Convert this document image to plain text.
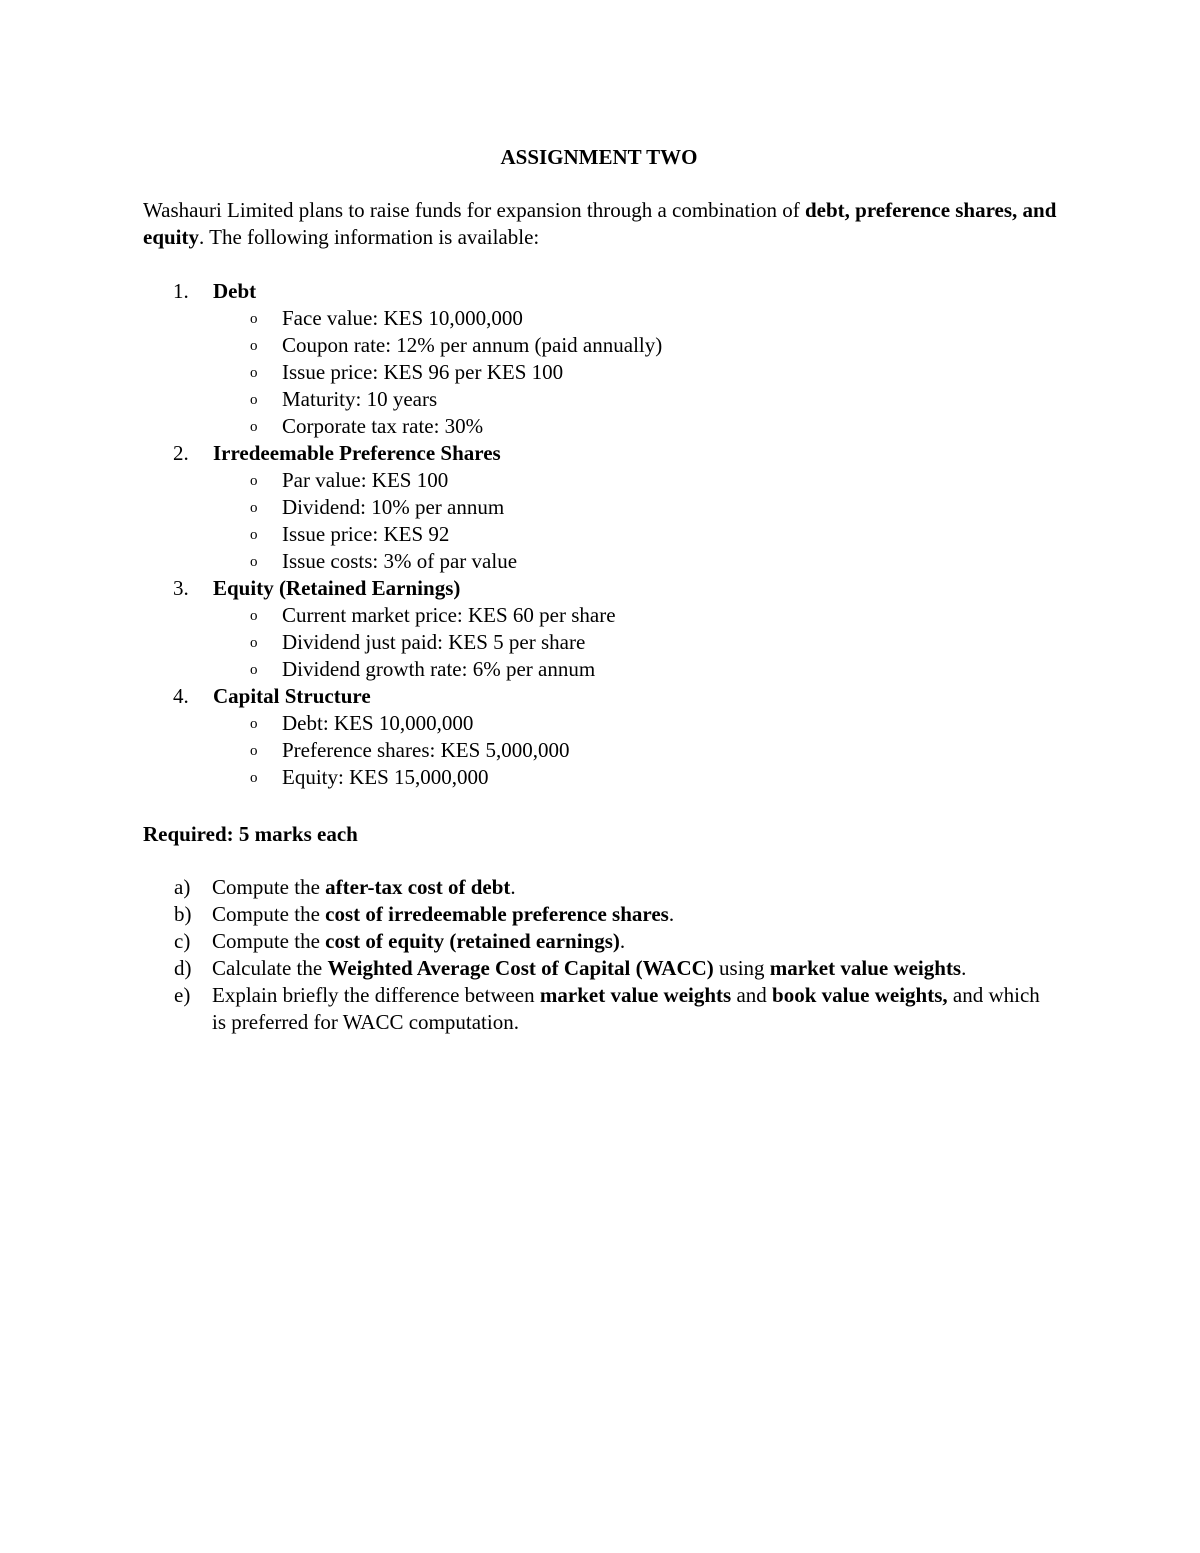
ASSIGNMENT TWO

Washauri Limited plans to raise funds for expansion through a combination of debt, preference shares, and equity. The following information is available:

1.	Debt
o Face value: KES 10,000,000
o Coupon rate: 12% per annum (paid annually)
o Issue price: KES 96 per KES 100
o Maturity: 10 years
o Corporate tax rate: 30%
2.	Irredeemable Preference Shares
o Par value: KES 100
o Dividend: 10% per annum
o Issue price: KES 92
o Issue costs: 3% of par value
3.	Equity (Retained Earnings)
o Current market price: KES 60 per share
o Dividend just paid: KES 5 per share
o Dividend growth rate: 6% per annum
4.	Capital Structure
o Debt: KES 10,000,000
o Preference shares: KES 5,000,000
o Equity: KES 15,000,000

Required: 5 marks each

a) Compute the after-tax cost of debt.

b) Compute the cost of irredeemable preference shares.

c) Compute the cost of equity (retained earnings).

d) Calculate the Weighted Average Cost of Capital (WACC) using market value weights.

e) Explain briefly the difference between market value weights and book value weights, and which is preferred for WACC computation.
